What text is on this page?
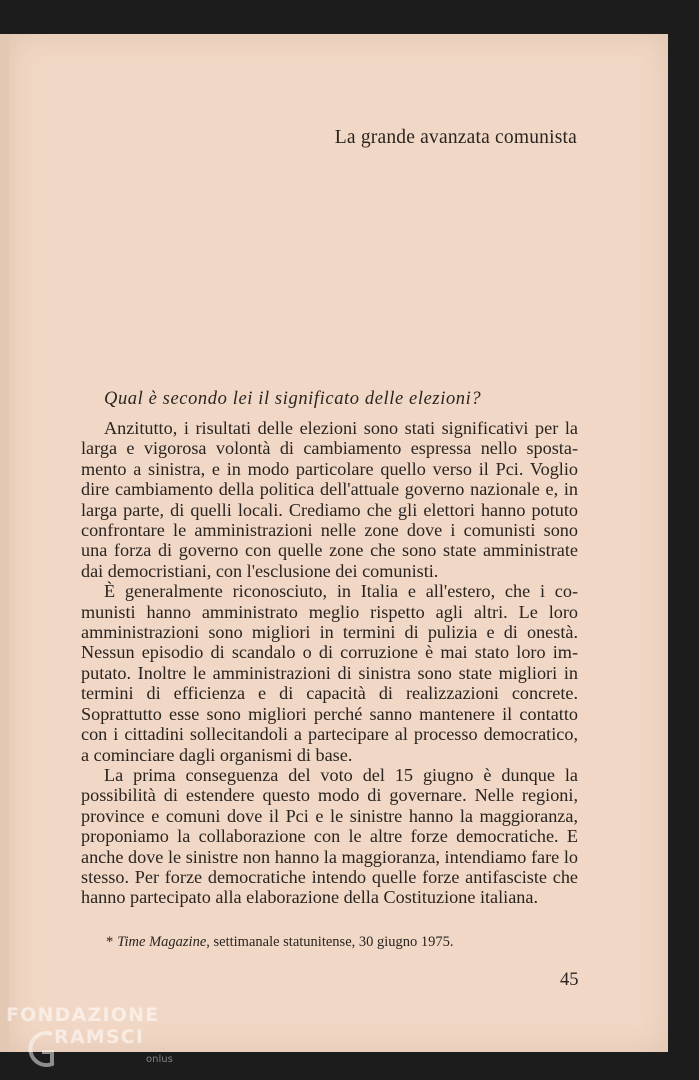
La grande avanzata comunista
Qual è secondo lei il significato delle elezioni?

Anzitutto, i risultati delle elezioni sono stati significativi per la larga e vigorosa volontà di cambiamento espressa nello spostamento a sinistra, e in modo particolare quello verso il Pci. Voglio dire cambiamento della politica dell'attuale governo nazionale e, in larga parte, di quelli locali. Crediamo che gli elettori hanno potuto confrontare le amministrazioni nelle zone dove i comunisti sono una forza di governo con quelle zone che sono state amministrate dai democristiani, con l'esclusione dei comunisti.

È generalmente riconosciuto, in Italia e all'estero, che i comunisti hanno amministrato meglio rispetto agli altri. Le loro amministrazioni sono migliori in termini di pulizia e di onestà. Nessun episodio di scandalo o di corruzione è mai stato loro imputato. Inoltre le amministrazioni di sinistra sono state migliori in termini di efficienza e di capacità di realizzazioni concrete. Soprattutto esse sono migliori perché sanno mantenere il contatto con i cittadini sollecitandoli a partecipare al processo democratico, a cominciare dagli organismi di base.

La prima conseguenza del voto del 15 giugno è dunque la possibilità di estendere questo modo di governare. Nelle regioni, province e comuni dove il Pci e le sinistre hanno la maggioranza, proponiamo la collaborazione con le altre forze democratiche. E anche dove le sinistre non hanno la maggioranza, intendiamo fare lo stesso. Per forze democratiche intendo quelle forze antifasciste che hanno partecipato alla elaborazione della Costituzione italiana.

* Time Magazine, settimanale statunitense, 30 giugno 1975.
45
FONDAZIONE
RAMSCI
onlus
